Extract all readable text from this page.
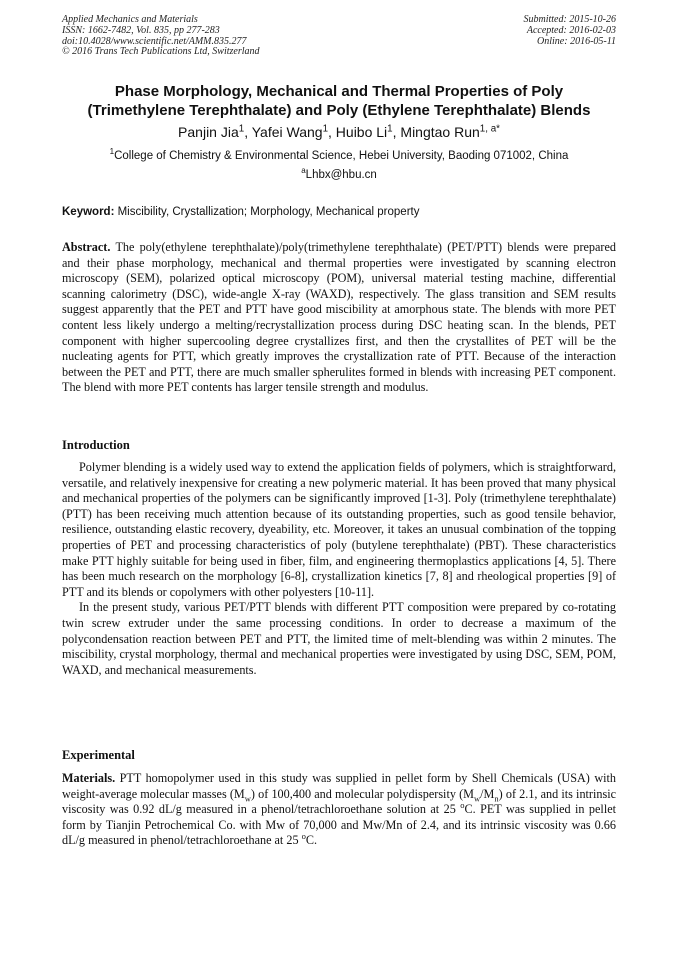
Applied Mechanics and Materials
ISSN: 1662-7482, Vol. 835, pp 277-283
doi:10.4028/www.scientific.net/AMM.835.277
© 2016 Trans Tech Publications Ltd, Switzerland
Submitted: 2015-10-26
Accepted: 2016-02-03
Online: 2016-05-11
Phase Morphology, Mechanical and Thermal Properties of Poly
(Trimethylene Terephthalate) and Poly (Ethylene Terephthalate) Blends
Panjin Jia$^1$, Yafei Wang$^1$, Huibo Li$^1$, Mingtao Run$^{1, a*}$
$^1$College of Chemistry & Environmental Science, Hebei University, Baoding 071002, China
$^a$Lhbx@hbu.cn
Keyword: Miscibility, Crystallization; Morphology, Mechanical property
Abstract. The poly(ethylene terephthalate)/poly(trimethylene terephthalate) (PET/PTT) blends were prepared and their phase morphology, mechanical and thermal properties were investigated by scanning electron microscopy (SEM), polarized optical microscopy (POM), universal material testing machine, differential scanning calorimetry (DSC), wide-angle X-ray (WAXD), respectively. The glass transition and SEM results suggest apparently that the PET and PTT have good miscibility at amorphous state. The blends with more PET content less likely undergo a melting/recrystallization process during DSC heating scan. In the blends, PET component with higher supercooling degree crystallizes first, and then the crystallites of PET will be the nucleating agents for PTT, which greatly improves the crystallization rate of PTT. Because of the interaction between the PET and PTT, there are much smaller spherulites formed in blends with increasing PET component. The blend with more PET contents has larger tensile strength and modulus.
Introduction

Polymer blending is a widely used way to extend the application fields of polymers, which is straightforward, versatile, and relatively inexpensive for creating a new polymeric material. It has been proved that many physical and mechanical properties of the polymers can be significantly improved [1-3]. Poly (trimethylene terephthalate) (PTT) has been receiving much attention because of its outstanding properties, such as good tensile behavior, resilience, outstanding elastic recovery, dyeability, etc. Moreover, it takes an unusual combination of the topping properties of PET and processing characteristics of poly (butylene terephthalate) (PBT). These characteristics make PTT highly suitable for being used in fiber, film, and engineering thermoplastics applications [4, 5]. There has been much research on the morphology [6-8], crystallization kinetics [7, 8] and rheological properties [9] of PTT and its blends or copolymers with other polyesters [10-11].

In the present study, various PET/PTT blends with different PTT composition were prepared by co-rotating twin screw extruder under the same processing conditions. In order to decrease a maximum of the polycondensation reaction between PET and PTT, the limited time of melt-blending was within 2 minutes. The miscibility, crystal morphology, thermal and mechanical properties were investigated by using DSC, SEM, POM, WAXD, and mechanical measurements.

Experimental
Materials. PTT homopolymer used in this study was supplied in pellet form by Shell Chemicals (USA) with weight-average molecular masses $(M_w)$ of 100,400 and molecular polydispersity $(M_w/M_n)$ of 2.1, and its intrinsic viscosity was 0.92 dL/g measured in a phenol/tetrachloroethane solution at 25 $^o$C. PET was supplied in pellet form by Tianjin Petrochemical Co. with Mw of 70,000 and Mw/Mn of 2.4, and its intrinsic viscosity was 0.66 dL/g measured in phenol/tetrachloroethane at 25 $^o$C.
